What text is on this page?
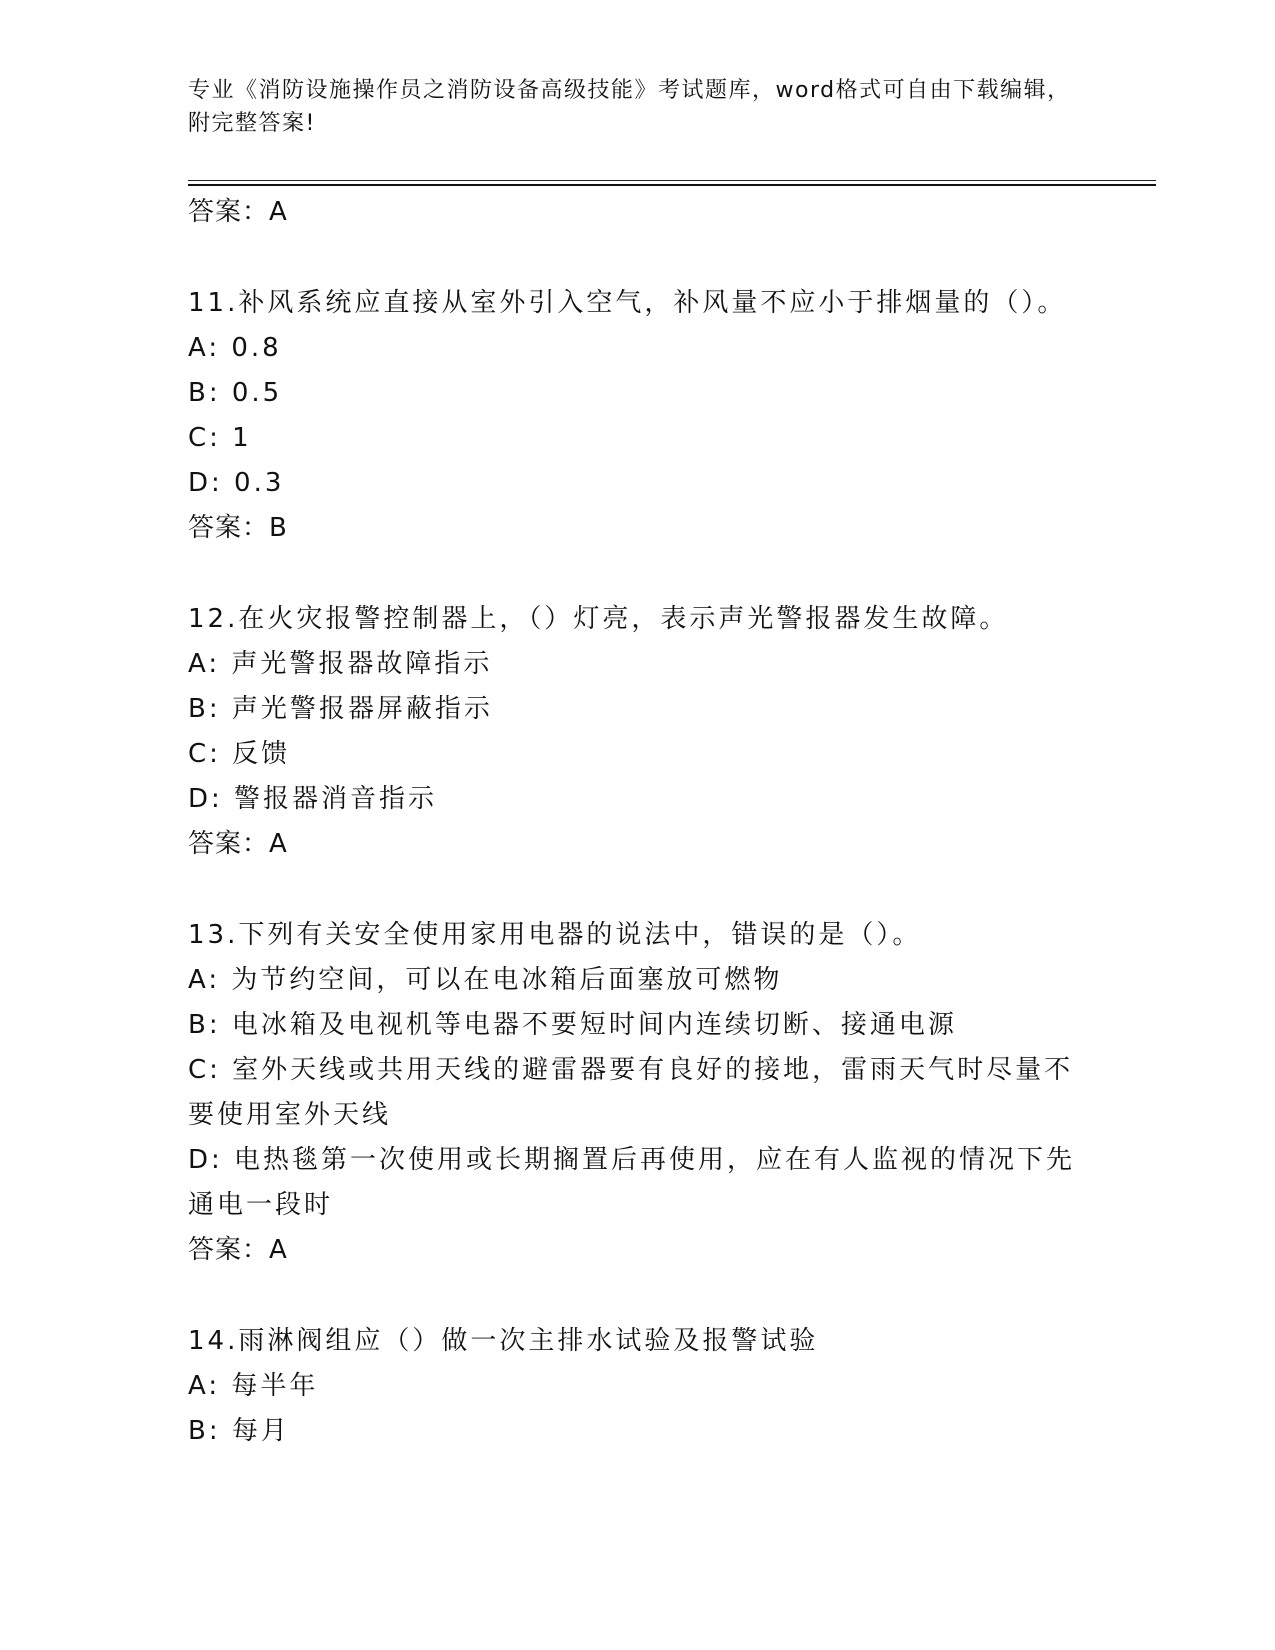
专业《消防设施操作员之消防设备高级技能》考试题库，word格式可自由下载编辑，附完整答案!
答案：A
11.补风系统应直接从室外引入空气，补风量不应小于排烟量的（）。
A: 0.8
B: 0.5
C: 1
D: 0.3
答案：B
12.在火灾报警控制器上，（）灯亮，表示声光警报器发生故障。
A: 声光警报器故障指示
B: 声光警报器屏蔽指示
C: 反馈
D: 警报器消音指示
答案：A
13.下列有关安全使用家用电器的说法中，错误的是（）。
A: 为节约空间，可以在电冰箱后面塞放可燃物
B: 电冰箱及电视机等电器不要短时间内连续切断、接通电源
C: 室外天线或共用天线的避雷器要有良好的接地，雷雨天气时尽量不要使用室外天线
D: 电热毯第一次使用或长期搁置后再使用，应在有人监视的情况下先通电一段时
答案：A
14.雨淋阀组应（）做一次主排水试验及报警试验
A: 每半年
B: 每月
